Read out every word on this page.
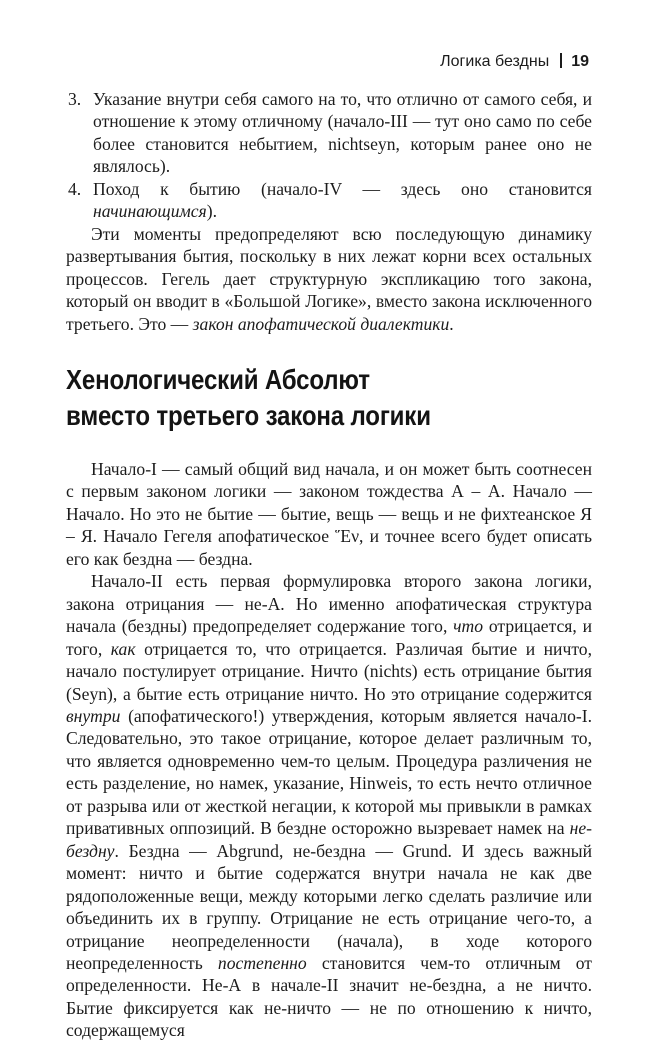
Логика бездны 19
3. Указание внутри себя самого на то, что отлично от самого себя, и отношение к этому отличному (начало-III — тут оно само по себе более становится небытием, nichtseyn, которым ранее оно не являлось).
4. Поход к бытию (начало-IV — здесь оно становится начинающимся).

Эти моменты предопределяют всю последующую динамику развертывания бытия, поскольку в них лежат корни всех остальных процессов. Гегель дает структурную экспликацию того закона, который он вводит в «Большой Логике», вместо закона исключенного третьего. Это — закон апофатической диалектики.

Хенологический Абсолют
вместо третьего закона логики

Начало-I — самый общий вид начала, и он может быть соотнесен с первым законом логики — законом тождества А – А. Начало — Начало. Но это не бытие — бытие, вещь — вещь и не фихтеанское Я – Я. Начало Гегеля апофатическое Ἕν, и точнее всего будет описать его как бездна — бездна.

Начало-II есть первая формулировка второго закона логики, закона отрицания — не-А. Но именно апофатическая структура начала (бездны) предопределяет содержание того, что отрицается, и того, как отрицается то, что отрицается. Различая бытие и ничто, начало постулирует отрицание. Ничто (nichts) есть отрицание бытия (Seyn), а бытие есть отрицание ничто. Но это отрицание содержится внутри (апофатического!) утверждения, которым является начало-I. Следовательно, это такое отрицание, которое делает различным то, что является одновременно чем-то целым. Процедура различения не есть разделение, но намек, указание, Hinweis, то есть нечто отличное от разрыва или от жесткой негации, к которой мы привыкли в рамках привативных оппозиций. В бездне осторожно вызревает намек на не-бездну. Бездна — Abgrund, не-бездна — Grund. И здесь важный момент: ничто и бытие содержатся внутри начала не как две рядоположенные вещи, между которыми легко сделать различие или объединить их в группу. Отрицание не есть отрицание чего-то, а отрицание неопределенности (начала), в ходе которого неопределенность постепенно становится чем-то отличным от определенности. Не-А в начале-II значит не-бездна, а не ничто. Бытие фиксируется как не-ничто — не по отношению к ничто, содержащемуся
